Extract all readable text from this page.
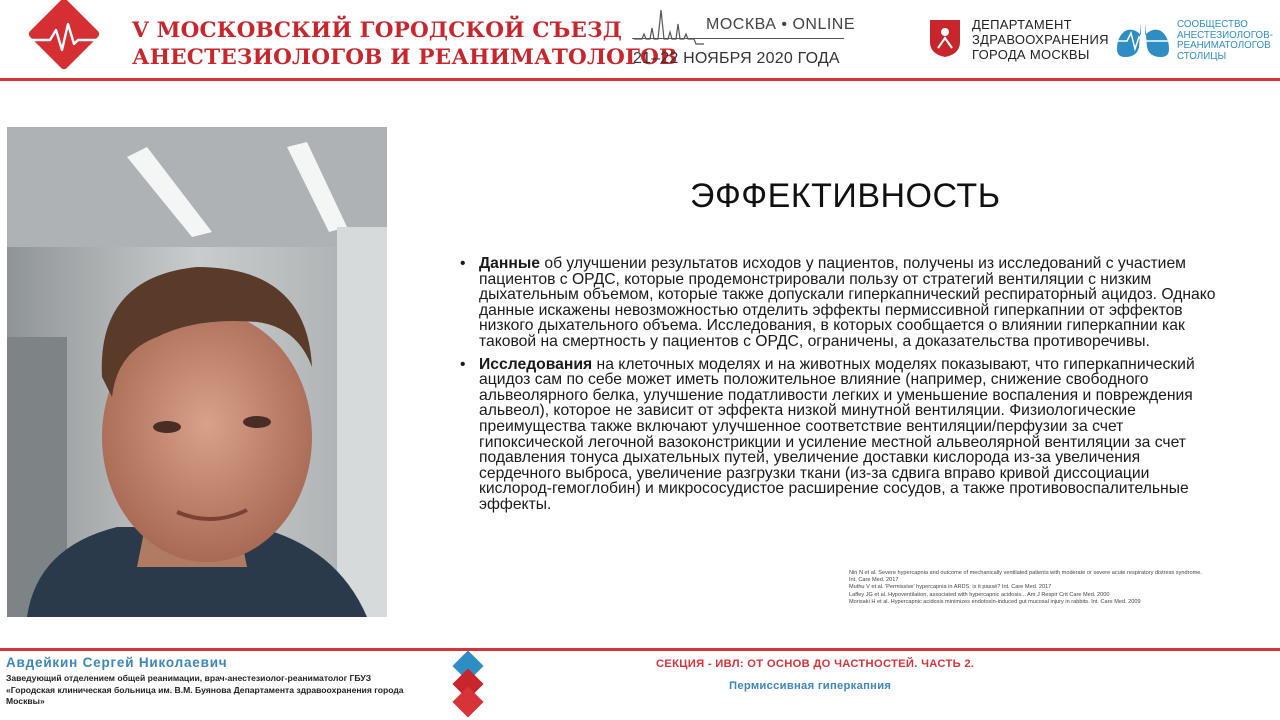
V МОСКОВСКИЙ ГОРОДСКОЙ СЪЕЗД
АНЕСТЕЗИОЛОГОВ И РЕАНИМАТОЛОГОВ
МОСКВА • ONLINE
21–22 НОЯБРЯ 2020 ГОДА
ДЕПАРТАМЕНТ
ЗДРАВООХРАНЕНИЯ
ГОРОДА МОСКВЫ
СООБЩЕСТВО
АНЕСТЕЗИОЛОГОВ-
РЕАНИМАТОЛОГОВ
СТОЛИЦЫ
ЭФФЕКТИВНОСТЬ
• Данные об улучшении результатов исходов у пациентов, получены из исследований с участием пациентов с ОРДС, которые продемонстрировали пользу от стратегий вентиляции с низким дыхательным объемом, которые также допускали гиперкапнический респираторный ацидоз. Однако данные искажены невозможностью отделить эффекты пермиссивной гиперкапнии от эффектов низкого дыхательного объема. Исследования, в которых сообщается о влиянии гиперкапнии как таковой на смертность у пациентов с ОРДС, ограничены, а доказательства противоречивы.
• Исследования на клеточных моделях и на животных моделях показывают, что гиперкапнический ацидоз сам по себе может иметь положительное влияние (например, снижение свободного альвеолярного белка, улучшение податливости легких и уменьшение воспаления и повреждения альвеол), которое не зависит от эффекта низкой минутной вентиляции. Физиологические преимущества также включают улучшенное соответствие вентиляции/перфузии за счет гипоксической легочной вазоконстрикции и усиление местной альвеолярной вентиляции за счет подавления тонуса дыхательных путей, увеличение доставки кислорода из-за увеличения сердечного выброса, увеличение разгрузки ткани (из-за сдвига вправо кривой диссоциации кислород-гемоглобин) и микрососудистое расширение сосудов, а также противовоспалительные эффекты.
Nin N et al. Severe hypercapnia and outcome of mechanically ventilated patients with moderate or severe acute respiratory distress syndrome.
Int. Care Med. 2017
Muthu V et al. 'Permissive' hypercapnia in ARDS: is it passé? Int. Care Med. 2017
Laffey JG et al. Hypoventilation, associated with hypercapnic acidosis... Am J Respir Crit Care Med. 2000
Morisaki H et al. Hypercapnic acidosis minimizes endotoxin-induced gut mucosal injury in rabbits. Int. Care Med. 2009
Авдейкин Сергей Николаевич
Заведующий отделением общей реанимации, врач-анестезиолог-реаниматолог ГБУЗ
«Городская клиническая больница им. В.М. Буянова Департамента здравоохранения города
Москвы»
СЕКЦИЯ - ИВЛ: ОТ ОСНОВ ДО ЧАСТНОСТЕЙ. ЧАСТЬ 2.
Пермиссивная гиперкапния
